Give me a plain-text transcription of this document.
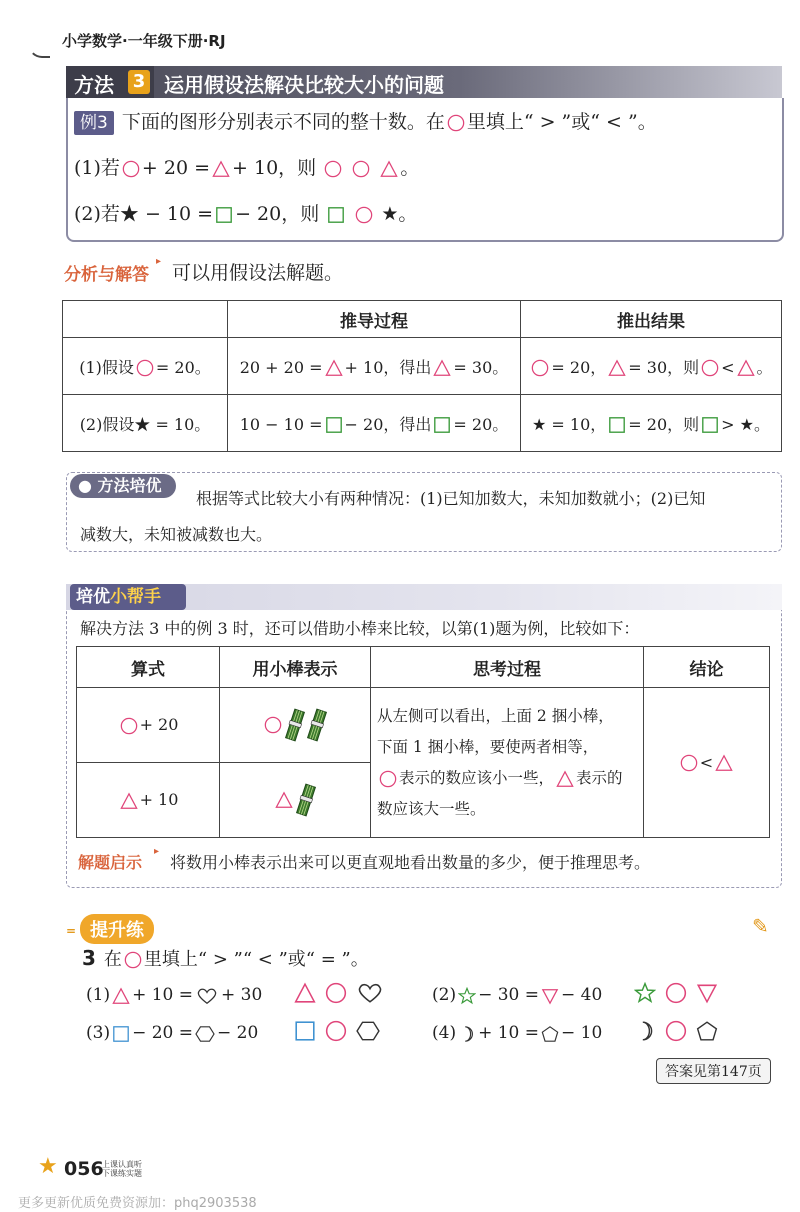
小学数学·一年级下册·RJ
方法 3 运用假设法解决比较大小的问题
例3 下面的图形分别表示不同的整十数。在 里填上“ > ”或“ < ”。
(1)若 + 20 = + 10，则

	。
(2)若★ − 10 = − 20，则
	★。
分析与解答
▸
可以用假设法解题。
	推导过程	推出结果
(1)假设 = 20。	20 + 20 = + 10，得出 = 30。	= 20， = 30，则 < 。
(2)假设★ = 10。	10 − 10 = − 20，得出 = 20。	★ = 10， = 20，则 > ★。
● 方法培优
根据等式比较大小有两种情况：(1)已知加数大，未知加数就小；(2)已知
减数大，未知被减数也大。
培优小帮手
解决方法 3 中的例 3 时，还可以借助小棒来比较，以第(1)题为例，比较如下：
算式	用小棒表示	思考过程	结论

+ 20		从左侧可以看出，上面 2 捆小棒，
下面 1 捆小棒，要使两者相等，
表示的数应该小一些， 表示的
数应该大一些。	<

+ 10	
解题启示
▸
将数用小棒表示出来可以更直观地看出数量的多少，便于推理思考。
= 提升练	✎
3 在 里填上“ > ”“ < ”或“ = ”。
(1) + 10 = + 30

	(2) − 30 = − 40

(3) − 20 = − 20

	(4) + 10 = − 10

答案见第147页
★ 056
上课认真听
下课练实题
更多更新优质免费资源加：phq2903538
